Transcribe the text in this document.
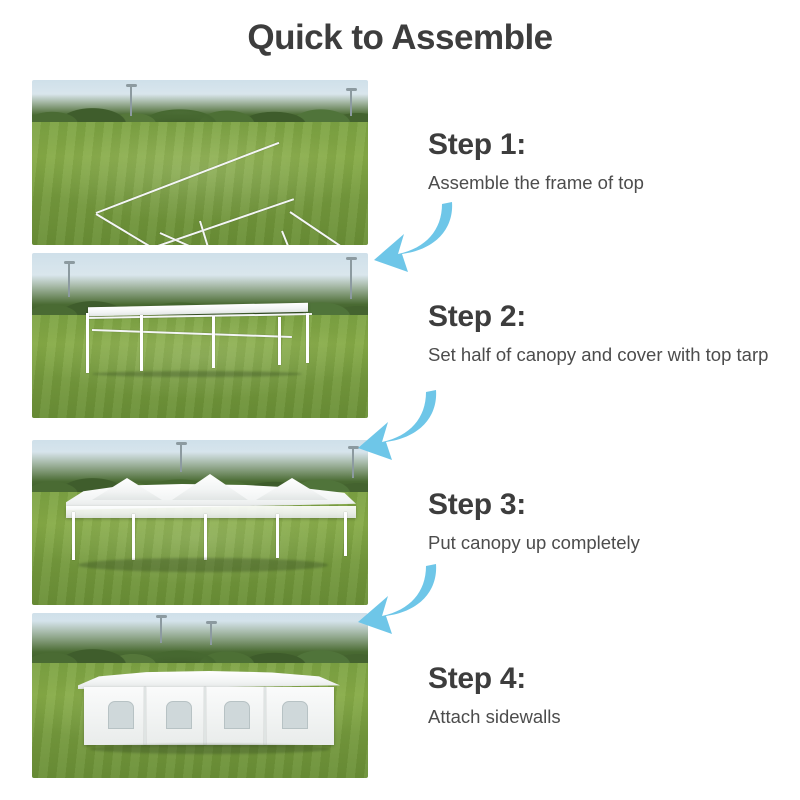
Quick to Assemble
Step 1:
Assemble the frame of top
Step 2:
Set half of canopy and cover with top tarp
Step 3:
Put canopy up completely
Step 4:
Attach sidewalls
